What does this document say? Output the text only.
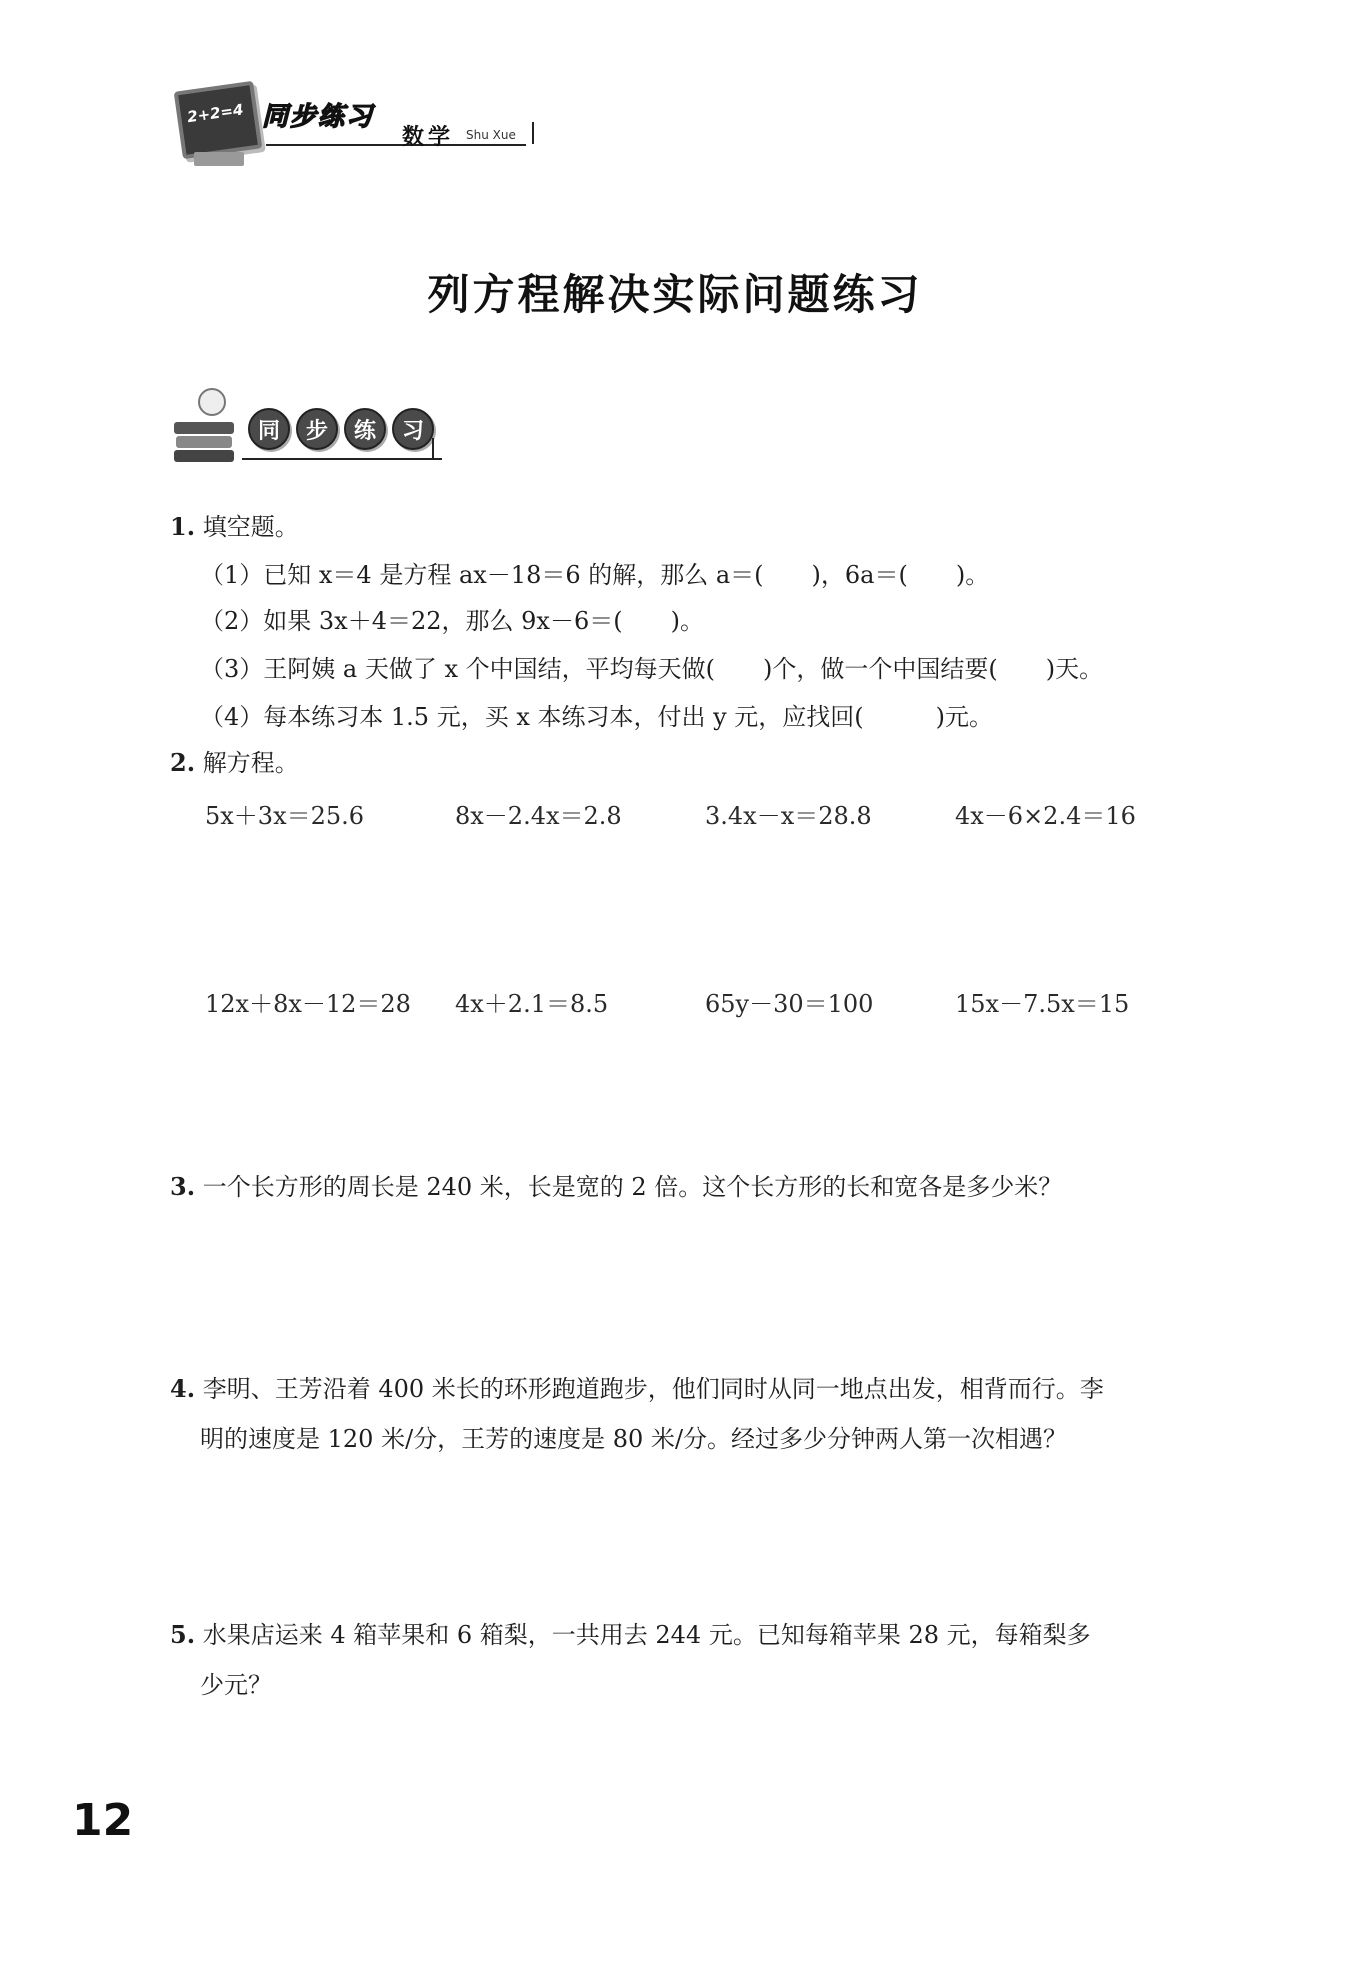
2+2=4 同步练习
数学 Shu Xue
列方程解决实际问题练习
同	步	练	习
1. 填空题。
（1）已知 x＝4 是方程 ax－18＝6 的解，那么 a＝(　　)，6a＝(　　)。
（2）如果 3x＋4＝22，那么 9x－6＝(　　)。
（3）王阿姨 a 天做了 x 个中国结，平均每天做(　　)个，做一个中国结要(　　)天。
（4）每本练习本 1.5 元，买 x 本练习本，付出 y 元，应找回(　　　)元。
2. 解方程。
5x＋3x＝25.6	8x－2.4x＝2.8	3.4x－x＝28.8	4x－6×2.4＝16
12x＋8x－12＝28 4x＋2.1＝8.5	65y－30＝100	15x－7.5x＝15
3. 一个长方形的周长是 240 米，长是宽的 2 倍。这个长方形的长和宽各是多少米？
4. 李明、王芳沿着 400 米长的环形跑道跑步，他们同时从同一地点出发，相背而行。李
明的速度是 120 米/分，王芳的速度是 80 米/分。经过多少分钟两人第一次相遇？
5. 水果店运来 4 箱苹果和 6 箱梨，一共用去 244 元。已知每箱苹果 28 元，每箱梨多
少元？
12
